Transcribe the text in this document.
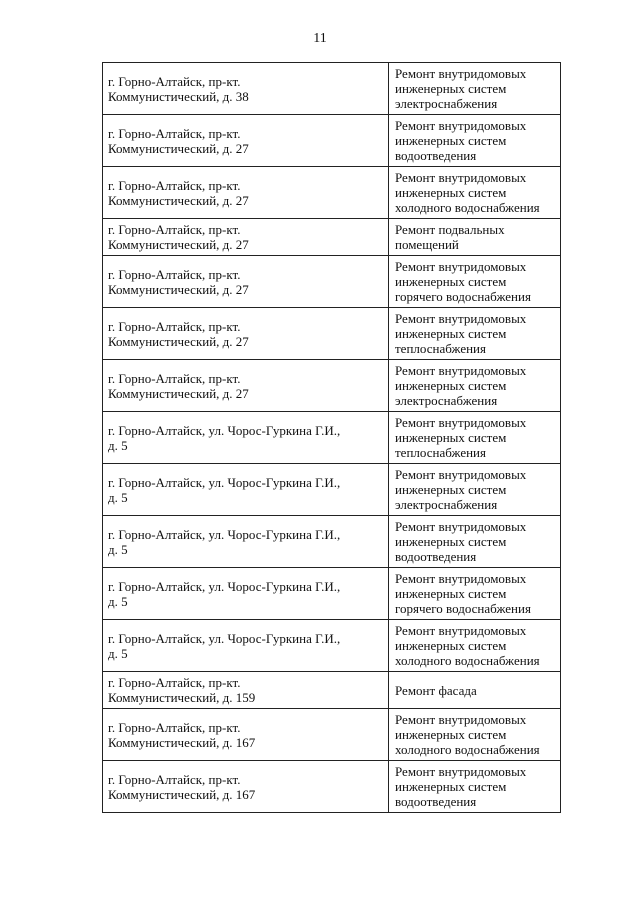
11
г. Горно-Алтайск, пр-кт.
Коммунистический, д. 38	Ремонт внутридомовых
инженерных систем
электроснабжения

г. Горно-Алтайск, пр-кт.
Коммунистический, д. 27	Ремонт внутридомовых
инженерных систем
водоотведения

г. Горно-Алтайск, пр-кт.
Коммунистический, д. 27	Ремонт внутридомовых
инженерных систем
холодного водоснабжения

г. Горно-Алтайск, пр-кт.
Коммунистический, д. 27	Ремонт подвальных
помещений

г. Горно-Алтайск, пр-кт.
Коммунистический, д. 27	Ремонт внутридомовых
инженерных систем
горячего водоснабжения

г. Горно-Алтайск, пр-кт.
Коммунистический, д. 27	Ремонт внутридомовых
инженерных систем
теплоснабжения

г. Горно-Алтайск, пр-кт.
Коммунистический, д. 27	Ремонт внутридомовых
инженерных систем
электроснабжения

г. Горно-Алтайск, ул. Чорос-Гуркина Г.И.,
д. 5	Ремонт внутридомовых
инженерных систем
теплоснабжения

г. Горно-Алтайск, ул. Чорос-Гуркина Г.И.,
д. 5	Ремонт внутридомовых
инженерных систем
электроснабжения

г. Горно-Алтайск, ул. Чорос-Гуркина Г.И.,
д. 5	Ремонт внутридомовых
инженерных систем
водоотведения

г. Горно-Алтайск, ул. Чорос-Гуркина Г.И.,
д. 5	Ремонт внутридомовых
инженерных систем
горячего водоснабжения

г. Горно-Алтайск, ул. Чорос-Гуркина Г.И.,
д. 5	Ремонт внутридомовых
инженерных систем
холодного водоснабжения

г. Горно-Алтайск, пр-кт.
Коммунистический, д. 159	Ремонт фасада

г. Горно-Алтайск, пр-кт.
Коммунистический, д. 167	Ремонт внутридомовых
инженерных систем
холодного водоснабжения

г. Горно-Алтайск, пр-кт.
Коммунистический, д. 167	Ремонт внутридомовых
инженерных систем
водоотведения
